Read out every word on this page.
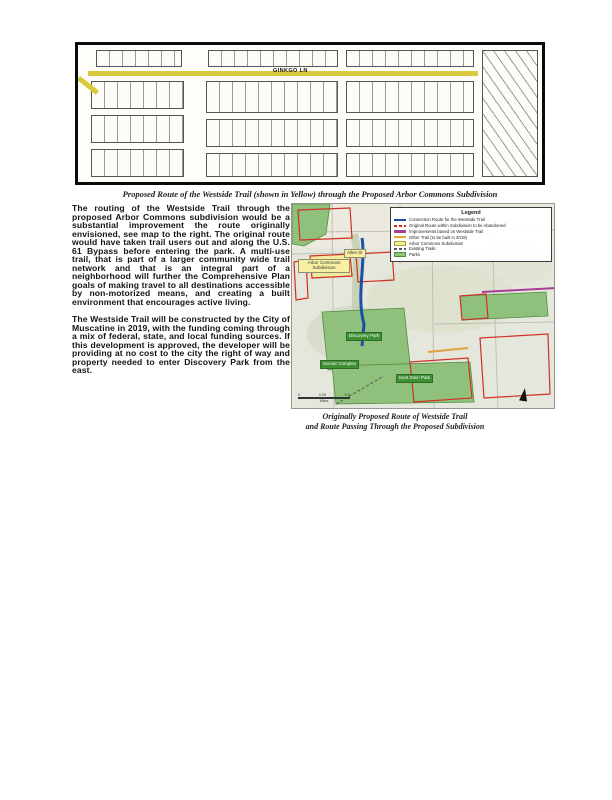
GINKGO LN
Proposed Route of the Westside Trail (shown in Yellow) through the Proposed Arbor Commons Subdivision

The routing of the Westside Trail through the proposed Arbor Commons subdivision would be a substantial improvement the route originally envisioned, see map to the right. The original route would have taken trail users out and along the U.S. 61 Bypass before entering the park. A multi-use trail, that is part of a larger community wide trail network and that is an integral part of a neighborhood will further the Comprehensive Plan goals of making travel to all destinations accessible by non-motorized means, and creating a built environment that encourages active living.

The Westside Trail will be constructed by the City of Muscatine in 2019, with the funding coming through a mix of federal, state, and local funding sources. If this development is approved, the developer will be providing at no cost to the city the right of way and property needed to enter Discovery Park from the east.

Legend
Connection Route for the Westside Trail
Original Route within Subdivision to be Abandoned
Improvements based on Westside Trail
Other Trail (to be built in 2019)
Arbor Commons Subdivision
Existing Trails
Parks
Allen St
Arbor Commons Subdivision
Discovery Park
Soccer Complex
Kent Stein Park
0	0.25	0.5
Miles
Originally Proposed Route of Westside Trail
and Route Passing Through the Proposed Subdivision
